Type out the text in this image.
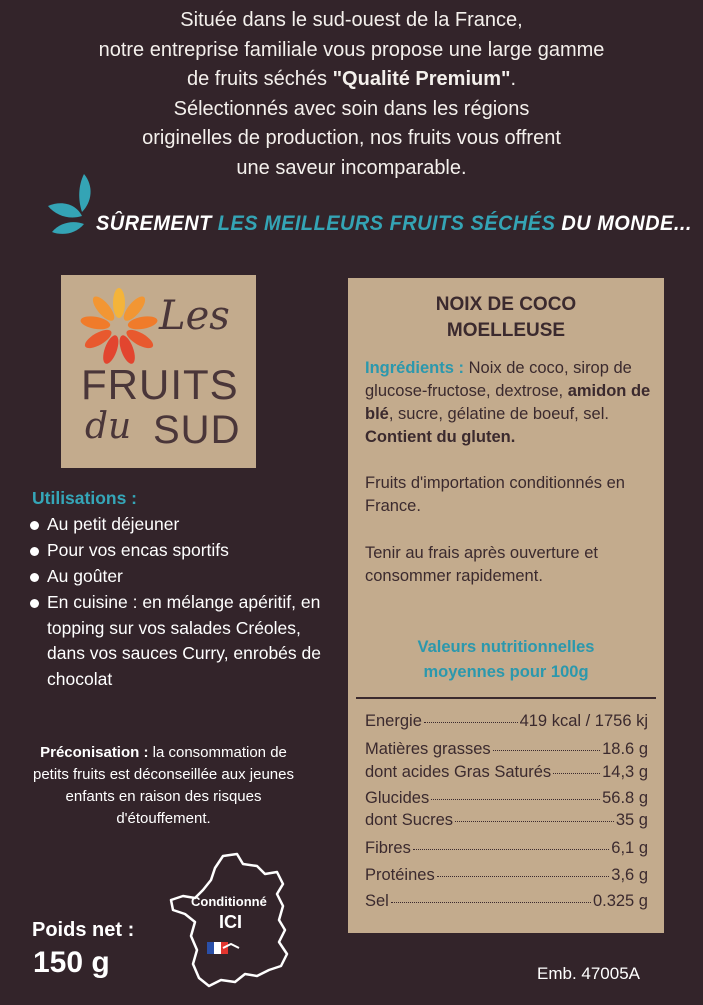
Située dans le sud-ouest de la France,
notre entreprise familiale vous propose une large gamme
de fruits séchés "Qualité Premium".
Sélectionnés avec soin dans les régions
originelles de production, nos fruits vous offrent
une saveur incomparable.
SÛREMENT LES MEILLEURS FRUITS SÉCHÉS DU MONDE...
Les
FRUITS
du SUD
Utilisations :
Au petit déjeuner
Pour vos encas sportifs
Au goûter
En cuisine : en mélange apéritif, en topping sur vos salades Créoles, dans vos sauces Curry, enrobés de chocolat
Préconisation : la consommation de petits fruits est déconseillée aux jeunes enfants en raison des risques d'étouffement.
Conditionné
ICI
Poids net :
150 g
NOIX DE COCO
MOELLEUSE
Ingrédients : Noix de coco, sirop de glucose-fructose, dextrose, amidon de blé, sucre, gélatine de boeuf, sel. Contient du gluten.
Fruits d'importation conditionnés en France.
Tenir au frais après ouverture et consommer rapidement.
Valeurs nutritionnelles
moyennes pour 100g
Energie	419 kcal / 1756 kj
Matières grasses	18.6 g
dont acides Gras Saturés	14,3 g
Glucides	56.8 g
dont Sucres	35 g
Fibres	6,1 g
Protéines	3,6 g
Sel	0.325 g
Emb. 47005A
